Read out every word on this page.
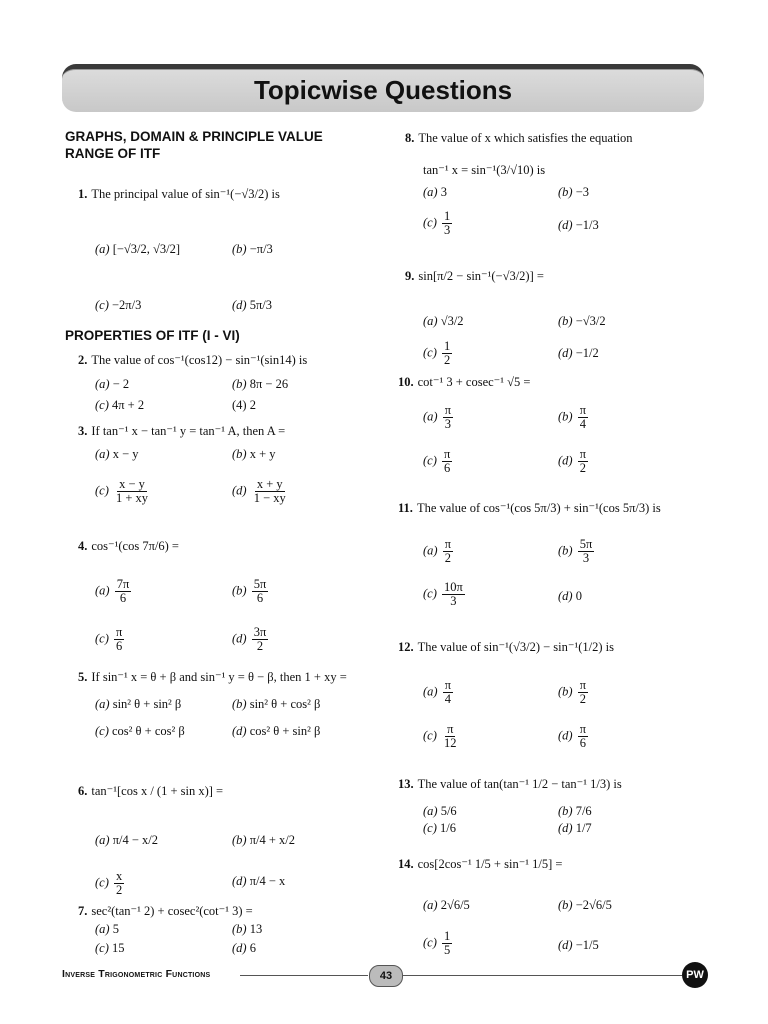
Topicwise Questions
GRAPHS, DOMAIN & PRINCIPLE VALUE RANGE OF ITF
1. The principal value of sin⁻¹(−√3/2) is
(a) [−√3/2, √3/2]	(b) −π/3
(c) −2π/3	(d) 5π/3
PROPERTIES OF ITF (I - VI)
2. The value of cos⁻¹(cos12) − sin⁻¹(sin14) is
(a) − 2	(b) 8π − 26
(c) 4π + 2	(4) 2
3. If tan⁻¹ x − tan⁻¹ y = tan⁻¹ A, then A =
(a) x − y	(b) x + y
$(c) \frac{x - y}{1 + xy}$	$(d) \frac{x + y}{1 - xy}$
4. cos⁻¹(cos 7π/6) =
$(a) \frac{7\pi}{6}$	$(b) \frac{5\pi}{6}$
$(c) \frac{\pi}{6}$	$(d) \frac{3\pi}{2}$
5. If sin⁻¹ x = θ + β and sin⁻¹ y = θ − β, then 1 + xy =
(a) sin² θ + sin² β	(b) sin² θ + cos² β
(c) cos² θ + cos² β	(d) cos² θ + sin² β
6. tan⁻¹[cos x / (1 + sin x)] =
(a) π/4 − x/2	(b) π/4 + x/2
$(c) \frac{x}{2}$	(d) π/4 − x
7. sec²(tan⁻¹ 2) + cosec²(cot⁻¹ 3) =
(a) 5	(b) 13
(c) 15	(d) 6
8. The value of x which satisfies the equation
tan⁻¹ x = sin⁻¹(3/√10) is
(a) 3	(b) −3
$(c) \frac{1}{3}$	(d) −1/3
9. sin[π/2 − sin⁻¹(−√3/2)] =
(a) √3/2	(b) −√3/2
$(c) \frac{1}{2}$	(d) −1/2
10. cot⁻¹ 3 + cosec⁻¹ √5 =
$(a) \frac{\pi}{3}$	$(b) \frac{\pi}{4}$
$(c) \frac{\pi}{6}$	$(d) \frac{\pi}{2}$
11. The value of cos⁻¹(cos 5π/3) + sin⁻¹(cos 5π/3) is
$(a) \frac{\pi}{2}$	$(b) \frac{5\pi}{3}$
$(c) \frac{10\pi}{3}$	(d) 0
12. The value of sin⁻¹(√3/2) − sin⁻¹(1/2) is
$(a) \frac{\pi}{4}$	$(b) \frac{\pi}{2}$
$(c) \frac{\pi}{12}$	$(d) \frac{\pi}{6}$
13. The value of tan(tan⁻¹ 1/2 − tan⁻¹ 1/3) is
(a) 5/6	(b) 7/6
(c) 1/6	(d) 1/7
14. cos[2cos⁻¹ 1/5 + sin⁻¹ 1/5] =
(a) 2√6/5	(b) −2√6/5
$(c) \frac{1}{5}$	(d) −1/5
Inverse Trigonometric Functions	43	PW
